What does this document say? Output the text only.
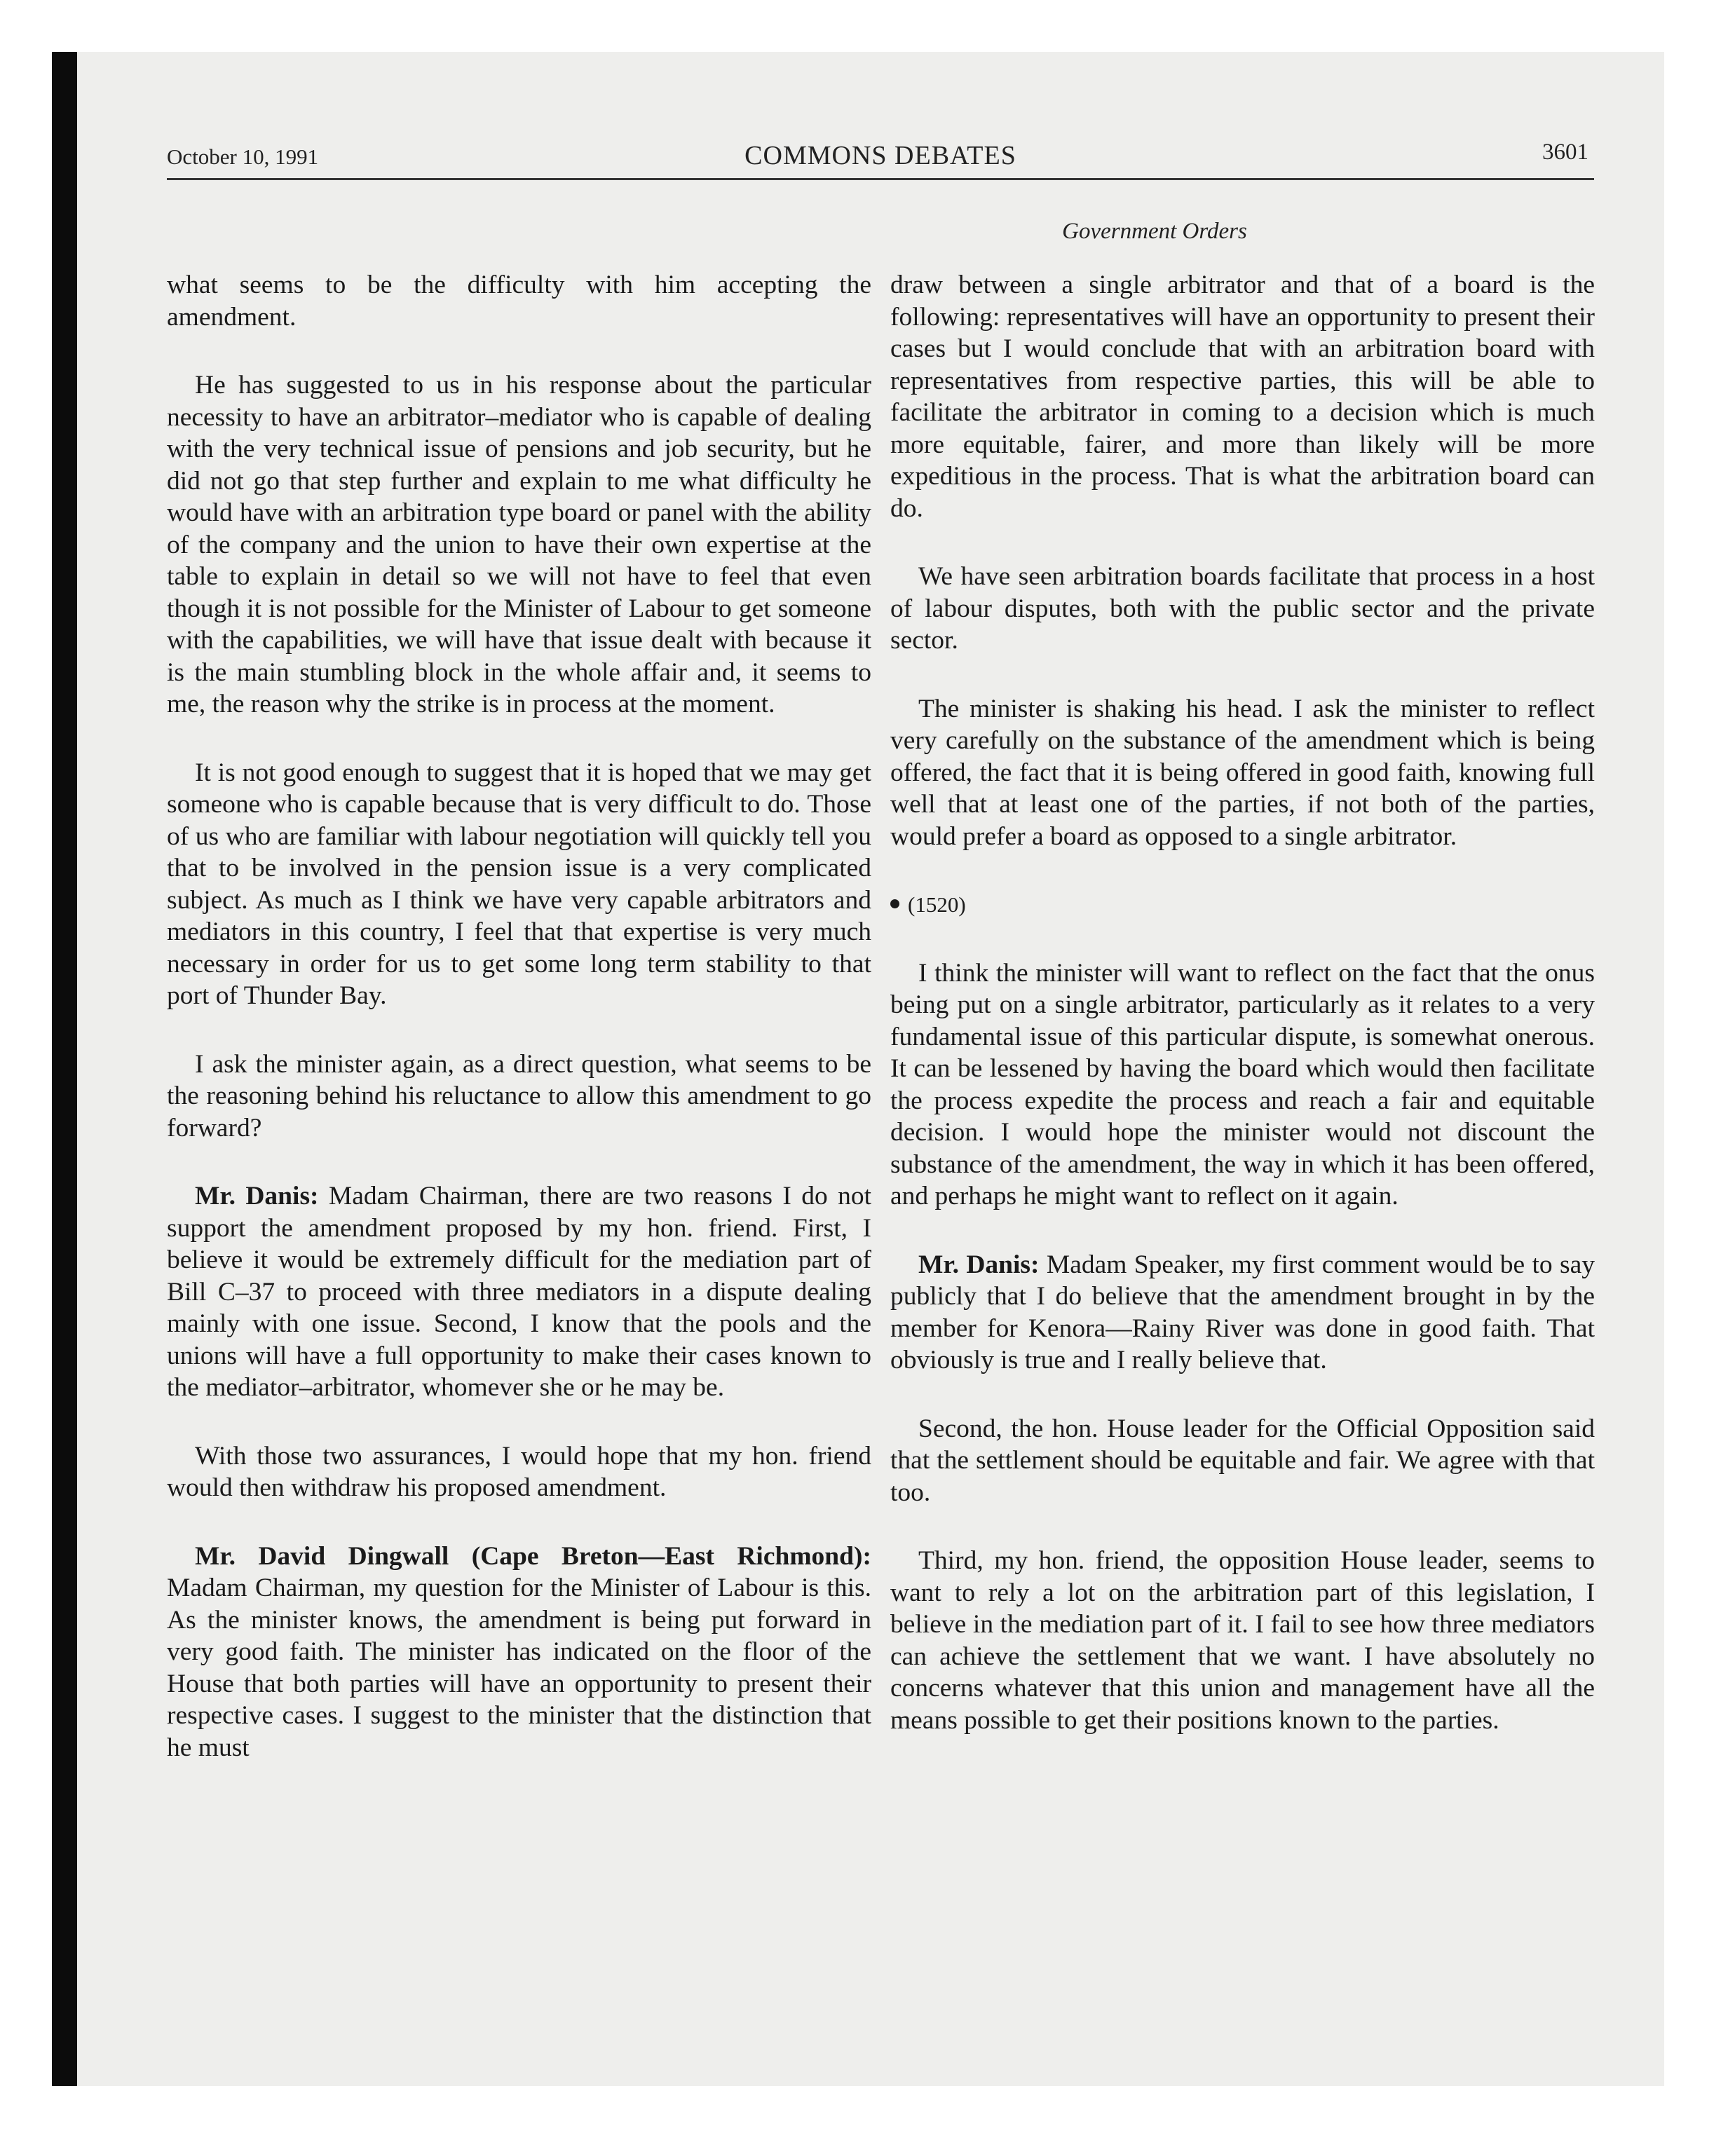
October 10, 1991	COMMONS DEBATES	3601
Government Orders

what seems to be the difficulty with him accepting the amendment.

He has suggested to us in his response about the particular necessity to have an arbitrator–mediator who is capable of dealing with the very technical issue of pensions and job security, but he did not go that step further and explain to me what difficulty he would have with an arbitration type board or panel with the ability of the company and the union to have their own expertise at the table to explain in detail so we will not have to feel that even though it is not possible for the Minister of Labour to get someone with the capabilities, we will have that issue dealt with because it is the main stumbling block in the whole affair and, it seems to me, the reason why the strike is in process at the moment.

It is not good enough to suggest that it is hoped that we may get someone who is capable because that is very difficult to do. Those of us who are familiar with labour negotiation will quickly tell you that to be involved in the pension issue is a very complicated subject. As much as I think we have very capable arbitrators and mediators in this country, I feel that that expertise is very much necessary in order for us to get some long term stability to that port of Thunder Bay.

I ask the minister again, as a direct question, what seems to be the reasoning behind his reluctance to allow this amendment to go forward?

Mr. Danis: Madam Chairman, there are two reasons I do not support the amendment proposed by my hon. friend. First, I believe it would be extremely difficult for the mediation part of Bill C–37 to proceed with three mediators in a dispute dealing mainly with one issue. Second, I know that the pools and the unions will have a full opportunity to make their cases known to the mediator–arbitrator, whomever she or he may be.

With those two assurances, I would hope that my hon. friend would then withdraw his proposed amendment.

Mr. David Dingwall (Cape Breton—East Richmond): Madam Chairman, my question for the Minister of Labour is this. As the minister knows, the amendment is being put forward in very good faith. The minister has indicated on the floor of the House that both parties will have an opportunity to present their respective cases. I suggest to the minister that the distinction that he must

draw between a single arbitrator and that of a board is the following: representatives will have an opportunity to present their cases but I would conclude that with an arbitration board with representatives from respective parties, this will be able to facilitate the arbitrator in coming to a decision which is much more equitable, fairer, and more than likely will be more expeditious in the process. That is what the arbitration board can do.

We have seen arbitration boards facilitate that process in a host of labour disputes, both with the public sector and the private sector.

The minister is shaking his head. I ask the minister to reflect very carefully on the substance of the amendment which is being offered, the fact that it is being offered in good faith, knowing full well that at least one of the parties, if not both of the parties, would prefer a board as opposed to a single arbitrator.

(1520)

I think the minister will want to reflect on the fact that the onus being put on a single arbitrator, particularly as it relates to a very fundamental issue of this particular dispute, is somewhat onerous. It can be lessened by having the board which would then facilitate the process expedite the process and reach a fair and equitable decision. I would hope the minister would not discount the substance of the amendment, the way in which it has been offered, and perhaps he might want to reflect on it again.

Mr. Danis: Madam Speaker, my first comment would be to say publicly that I do believe that the amendment brought in by the member for Kenora—Rainy River was done in good faith. That obviously is true and I really believe that.

Second, the hon. House leader for the Official Opposition said that the settlement should be equitable and fair. We agree with that too.

Third, my hon. friend, the opposition House leader, seems to want to rely a lot on the arbitration part of this legislation, I believe in the mediation part of it. I fail to see how three mediators can achieve the settlement that we want. I have absolutely no concerns whatever that this union and management have all the means possible to get their positions known to the parties.
